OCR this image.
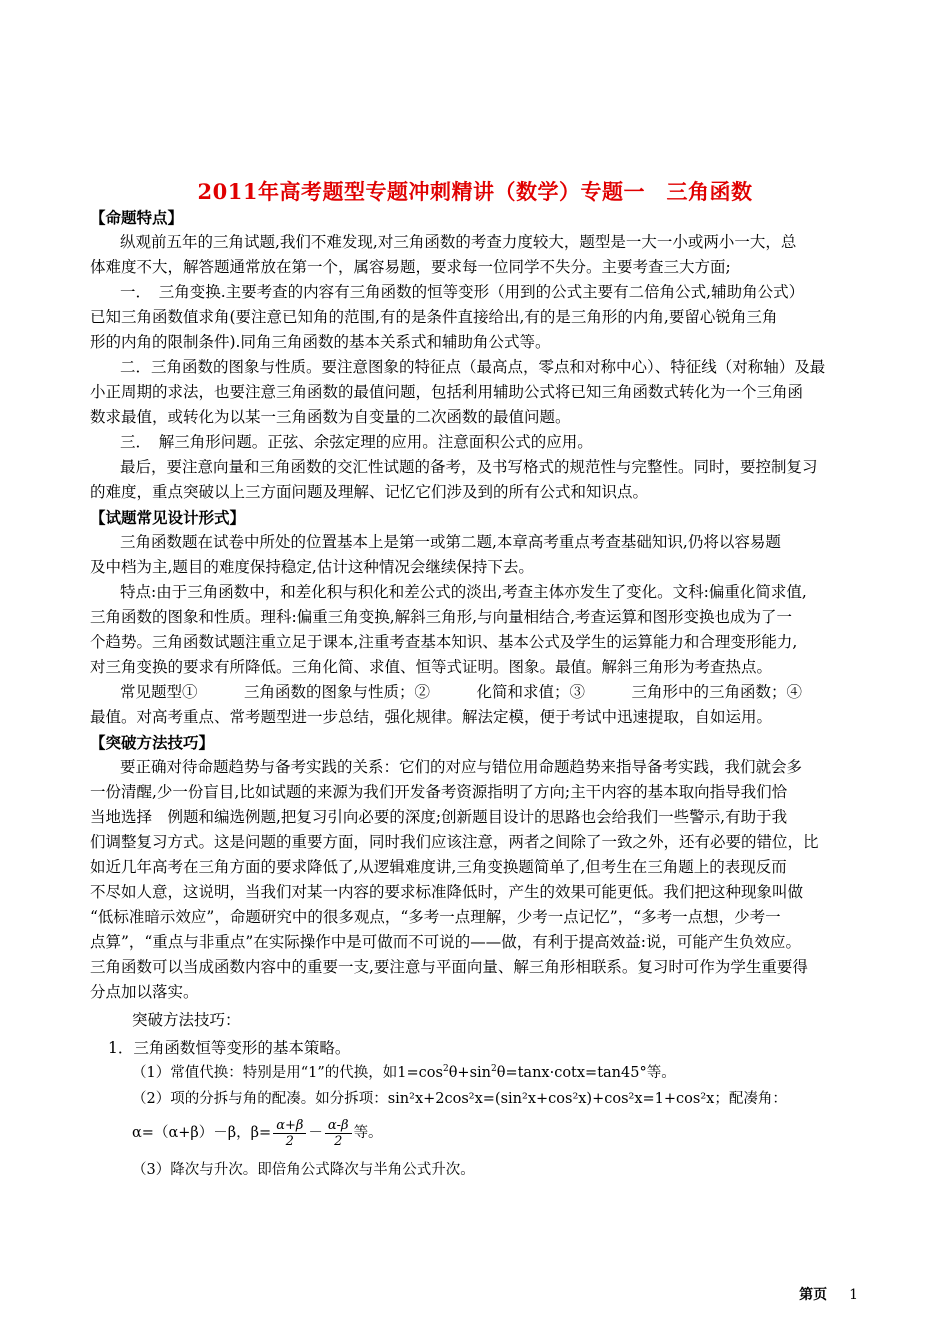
2011年高考题型专题冲刺精讲（数学）专题一　三角函数
【命题特点】
纵观前五年的三角试题,我们不难发现,对三角函数的考查力度较大，题型是一大一小或两小一大，总
体难度不大，解答题通常放在第一个，属容易题，要求每一位同学不失分。主要考查三大方面;
一．　三角变换.主要考查的内容有三角函数的恒等变形（用到的公式主要有二倍角公式,辅助角公式）
已知三角函数值求角(要注意已知角的范围,有的是条件直接给出,有的是三角形的内角,要留心锐角三角
形的内角的限制条件).同角三角函数的基本关系式和辅助角公式等。
二．三角函数的图象与性质。要注意图象的特征点（最高点，零点和对称中心）、特征线（对称轴）及最
小正周期的求法，也要注意三角函数的最值问题，包括利用辅助公式将已知三角函数式转化为一个三角函
数求最值，或转化为以某一三角函数为自变量的二次函数的最值问题。
三．　解三角形问题。正弦、余弦定理的应用。注意面积公式的应用。
最后，要注意向量和三角函数的交汇性试题的备考，及书写格式的规范性与完整性。同时，要控制复习
的难度，重点突破以上三方面问题及理解、记忆它们涉及到的所有公式和知识点。
【试题常见设计形式】
三角函数题在试卷中所处的位置基本上是第一或第二题,本章高考重点考查基础知识,仍将以容易题
及中档为主,题目的难度保持稳定,估计这种情况会继续保持下去。
特点:由于三角函数中，和差化积与积化和差公式的淡出,考查主体亦发生了变化。文科:偏重化简求值,
三角函数的图象和性质。理科:偏重三角变换,解斜三角形,与向量相结合,考查运算和图形变换也成为了一
个趋势。三角函数试题注重立足于课本,注重考查基本知识、基本公式及学生的运算能力和合理变形能力,
对三角变换的要求有所降低。三角化简、求值、恒等式证明。图象。最值。解斜三角形为考查热点。
常见题型①　　　三角函数的图象与性质；②　　　化简和求值；③　　　三角形中的三角函数；④
最值。对高考重点、常考题型进一步总结，强化规律。解法定模，便于考试中迅速提取，自如运用。
【突破方法技巧】
要正确对待命题趋势与备考实践的关系：它们的对应与错位用命题趋势来指导备考实践，我们就会多
一份清醒,少一份盲目,比如试题的来源为我们开发备考资源指明了方向;主干内容的基本取向指导我们恰
当地选择　例题和编选例题,把复习引向必要的深度;创新题目设计的思路也会给我们一些警示,有助于我
们调整复习方式。这是问题的重要方面，同时我们应该注意，两者之间除了一致之外，还有必要的错位，比
如近几年高考在三角方面的要求降低了,从逻辑难度讲,三角变换题简单了,但考生在三角题上的表现反而
不尽如人意，这说明，当我们对某一内容的要求标准降低时，产生的效果可能更低。我们把这种现象叫做
“低标准暗示效应”，命题研究中的很多观点，“多考一点理解，少考一点记忆”，“多考一点想，少考一
点算”，“重点与非重点”在实际操作中是可做而不可说的——做，有利于提高效益:说，可能产生负效应。
三角函数可以当成函数内容中的重要一支,要注意与平面向量、解三角形相联系。复习时可作为学生重要得
分点加以落实。
突破方法技巧：
1．三角函数恒等变形的基本策略。
（1）常值代换：特别是用“1”的代换，如$1=\cos^2\theta+\sin^2\theta=\tan x\cdot\cot x=\tan 45^\circ$等。
（2）项的分拆与角的配凑。如分拆项：sin²x+2cos²x=(sin²x+cos²x)+cos²x=1+cos²x；配凑角：
α=（α+β）－β，$\beta= \frac{\alpha+\beta}{2} - \frac{\alpha-\beta}{2}$ 等。
（3）降次与升次。即倍角公式降次与半角公式升次。
第页 1
